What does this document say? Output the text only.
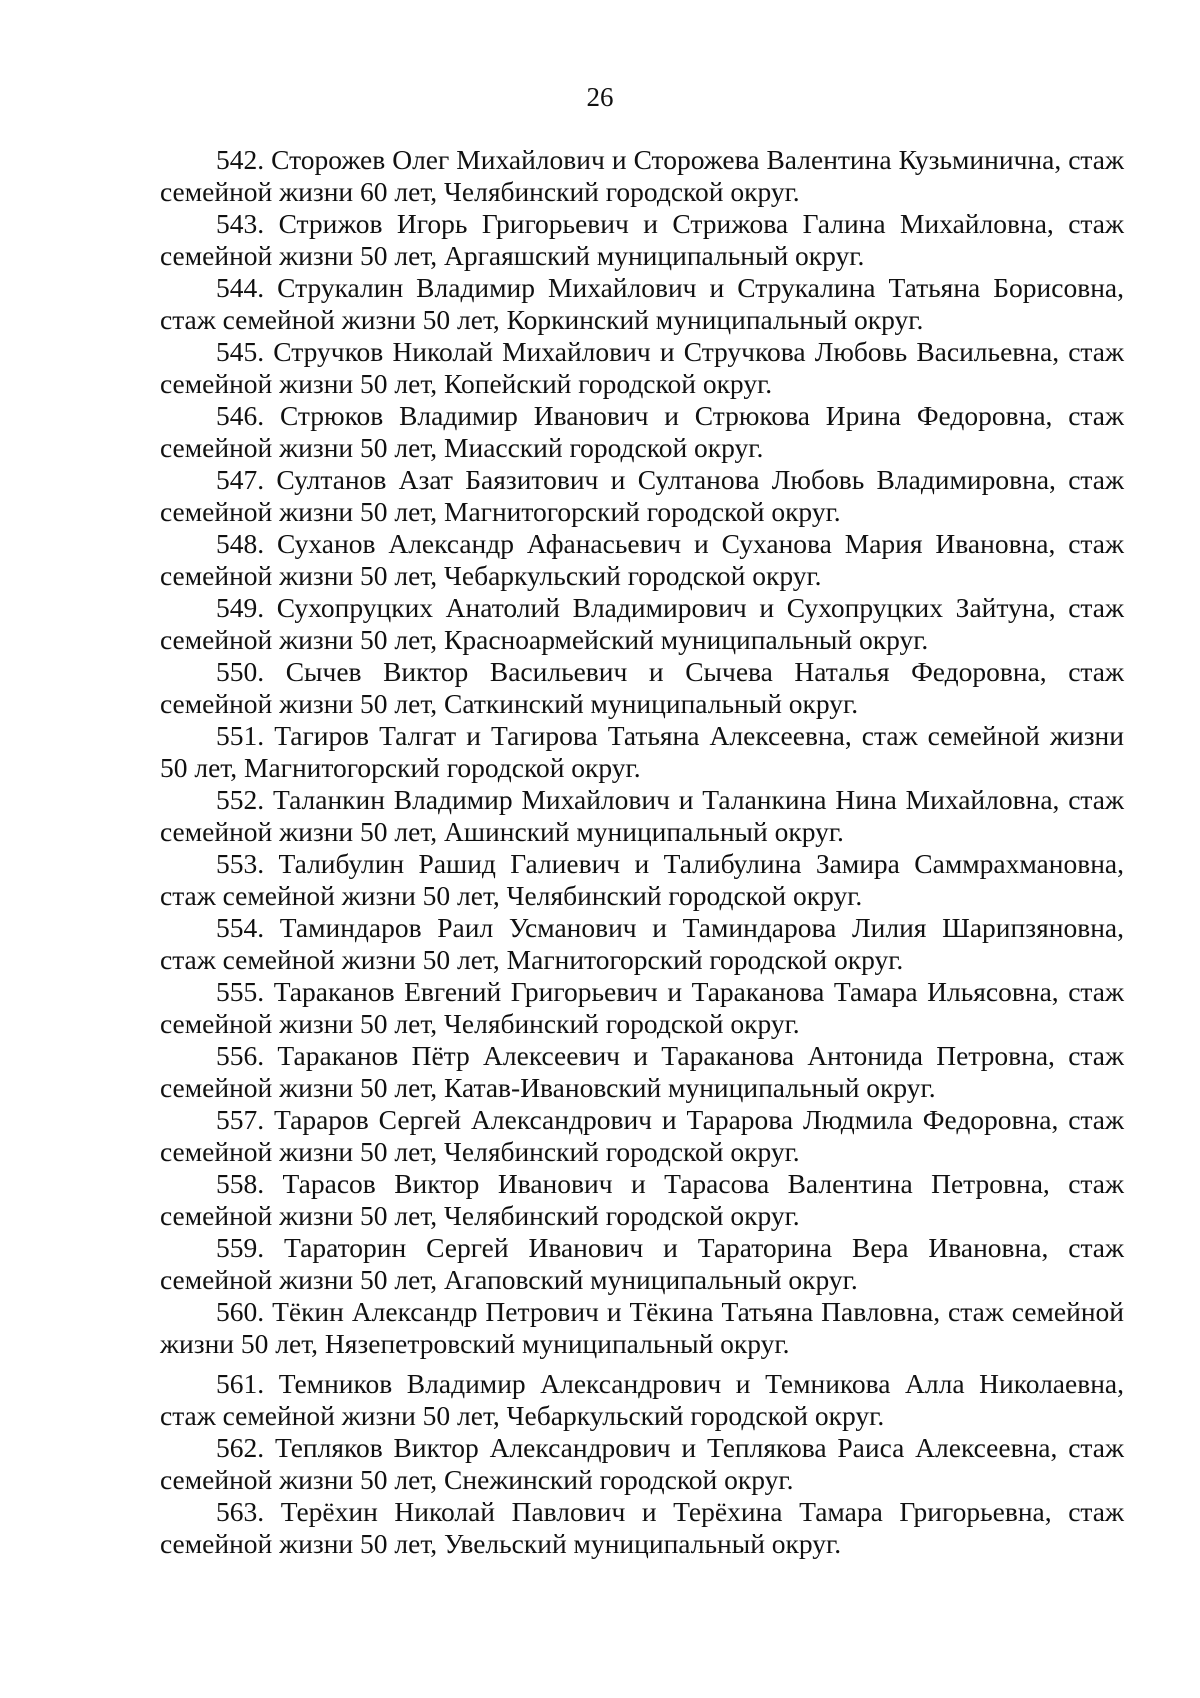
26

542. Сторожев Олег Михайлович и Сторожева Валентина Кузьминична, стаж семейной жизни 60 лет, Челябинский городской округ.

543. Стрижов Игорь Григорьевич и Стрижова Галина Михайловна, стаж семейной жизни 50 лет, Аргаяшский муниципальный округ.

544. Струкалин Владимир Михайлович и Струкалина Татьяна Борисовна, стаж семейной жизни 50 лет, Коркинский муниципальный округ.

545. Стручков Николай Михайлович и Стручкова Любовь Васильевна, стаж семейной жизни 50 лет, Копейский городской округ.

546. Стрюков Владимир Иванович и Стрюкова Ирина Федоровна, стаж семейной жизни 50 лет, Миасский городской округ.

547. Султанов Азат Баязитович и Султанова Любовь Владимировна, стаж семейной жизни 50 лет, Магнитогорский городской округ.

548. Суханов Александр Афанасьевич и Суханова Мария Ивановна, стаж семейной жизни 50 лет, Чебаркульский городской округ.

549. Сухопруцких Анатолий Владимирович и Сухопруцких Зайтуна, стаж семейной жизни 50 лет, Красноармейский муниципальный округ.

550. Сычев Виктор Васильевич и Сычева Наталья Федоровна, стаж семейной жизни 50 лет, Саткинский муниципальный округ.

551. Тагиров Талгат и Тагирова Татьяна Алексеевна, стаж семейной жизни 50 лет, Магнитогорский городской округ.

552. Таланкин Владимир Михайлович и Таланкина Нина Михайловна, стаж семейной жизни 50 лет, Ашинский муниципальный округ.

553. Талибулин Рашид Галиевич и Талибулина Замира Саммрахмановна, стаж семейной жизни 50 лет, Челябинский городской округ.

554. Таминдаров Раил Усманович и Таминдарова Лилия Шарипзяновна, стаж семейной жизни 50 лет, Магнитогорский городской округ.

555. Тараканов Евгений Григорьевич и Тараканова Тамара Ильясовна, стаж семейной жизни 50 лет, Челябинский городской округ.

556. Тараканов Пётр Алексеевич и Тараканова Антонида Петровна, стаж семейной жизни 50 лет, Катав-Ивановский муниципальный округ.

557. Тараров Сергей Александрович и Тарарова Людмила Федоровна, стаж семейной жизни 50 лет, Челябинский городской округ.

558. Тарасов Виктор Иванович и Тарасова Валентина Петровна, стаж семейной жизни 50 лет, Челябинский городской округ.

559. Тараторин Сергей Иванович и Тараторина Вера Ивановна, стаж семейной жизни 50 лет, Агаповский муниципальный округ.

560. Тёкин Александр Петрович и Тёкина Татьяна Павловна, стаж семейной жизни 50 лет, Нязепетровский муниципальный округ.

561. Темников Владимир Александрович и Темникова Алла Николаевна, стаж семейной жизни 50 лет, Чебаркульский городской округ.

562. Тепляков Виктор Александрович и Теплякова Раиса Алексеевна, стаж семейной жизни 50 лет, Снежинский городской округ.

563. Терёхин Николай Павлович и Терёхина Тамара Григорьевна, стаж семейной жизни 50 лет, Увельский муниципальный округ.
